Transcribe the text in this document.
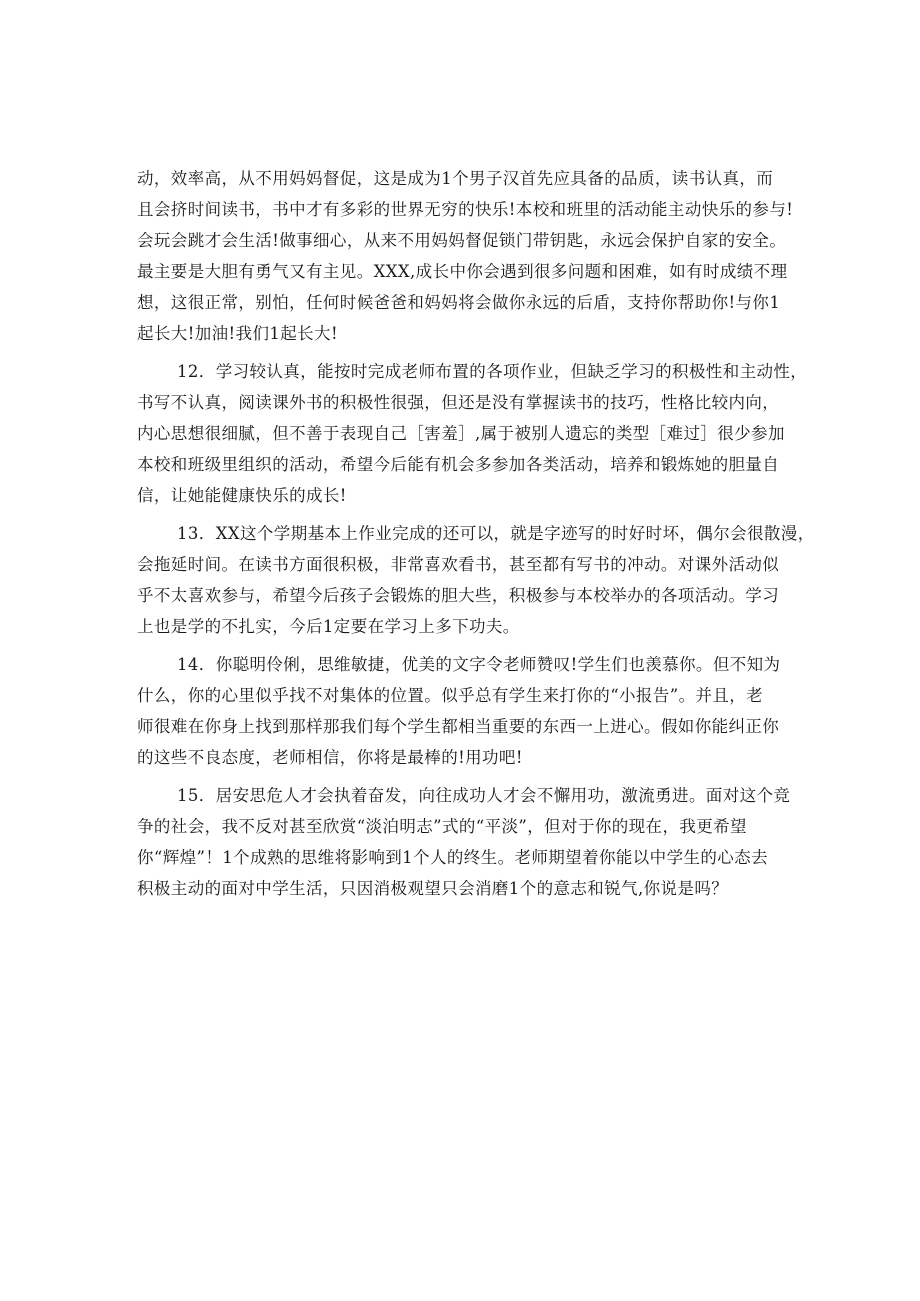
动，效率高，从不用妈妈督促，这是成为1个男子汉首先应具备的品质，读书认真，而
且会挤时间读书，书中才有多彩的世界无穷的快乐!本校和班里的活动能主动快乐的参与!
会玩会跳才会生活!做事细心，从来不用妈妈督促锁门带钥匙，永远会保护自家的安全。
最主要是大胆有勇气又有主见。XXX,成长中你会遇到很多问题和困难，如有时成绩不理
想，这很正常，别怕，任何时候爸爸和妈妈将会做你永远的后盾，支持你帮助你!与你1
起长大!加油!我们1起长大!
12．学习较认真，能按时完成老师布置的各项作业，但缺乏学习的积极性和主动性，
书写不认真，阅读课外书的积极性很强，但还是没有掌握读书的技巧，性格比较内向，
内心思想很细腻，但不善于表现自己［害羞］,属于被别人遗忘的类型［难过］很少参加
本校和班级里组织的活动，希望今后能有机会多参加各类活动，培养和锻炼她的胆量自
信，让她能健康快乐的成长!
13．XX这个学期基本上作业完成的还可以，就是字迹写的时好时坏，偶尔会很散漫，
会拖延时间。在读书方面很积极，非常喜欢看书，甚至都有写书的冲动。对课外活动似
乎不太喜欢参与，希望今后孩子会锻炼的胆大些，积极参与本校举办的各项活动。学习
上也是学的不扎实，今后1定要在学习上多下功夫。
14．你聪明伶俐，思维敏捷，优美的文字令老师赞叹!学生们也羡慕你。但不知为
什么，你的心里似乎找不对集体的位置。似乎总有学生来打你的“小报告”。并且，老
师很难在你身上找到那样那我们每个学生都相当重要的东西一上进心。假如你能纠正你
的这些不良态度，老师相信，你将是最棒的!用功吧!
15．居安思危人才会执着奋发，向往成功人才会不懈用功，激流勇进。面对这个竞
争的社会，我不反对甚至欣赏“淡泊明志”式的“平淡”，但对于你的现在，我更希望
你“辉煌”！1个成熟的思维将影响到1个人的终生。老师期望着你能以中学生的心态去
积极主动的面对中学生活，只因消极观望只会消磨1个的意志和锐气,你说是吗？
